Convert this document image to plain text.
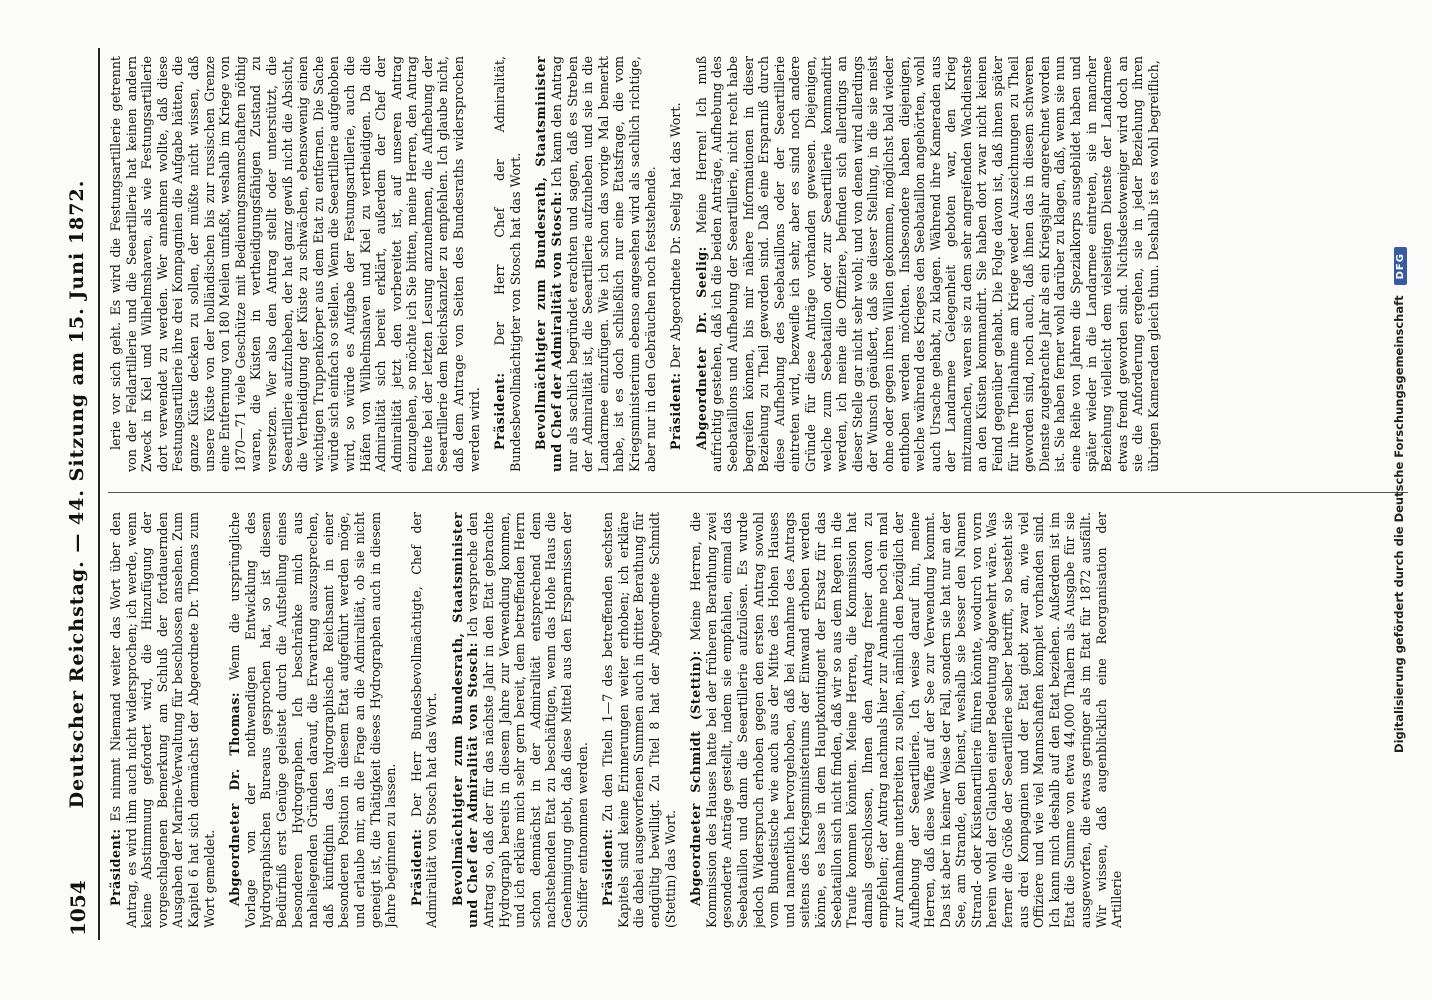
1054
Deutscher Reichstag. — 44. Sitzung am 15. Juni 1872.

Präsident: Es nimmt Niemand weiter das Wort über den Antrag, es wird ihm auch nicht widersprochen; ich werde, wenn keine Abstimmung gefordert wird, die Hinzufügung der vorgeschlagenen Bemerkung am Schluß der fortdauernden Ausgaben der Marine-Verwaltung für beschlossen ansehen. Zum Kapitel 6 hat sich demnächst der Abgeordnete Dr. Thomas zum Wort gemeldet. Abgeordneter Dr. Thomas: Wenn die ursprüngliche Vorlage von der nothwendigen Entwicklung des hydrographischen Bureaus gesprochen hat, so ist diesem Bedürfniß erst Genüge geleistet durch die Aufstellung eines besonderen Hydrographen. Ich beschränke mich aus naheliegenden Gründen darauf, die Erwartung auszusprechen, daß künftighin das hydrographische Reichsamt in einer besonderen Position in diesem Etat aufgeführt werden möge, und erlaube mir, an die Frage an die Admiralität, ob sie nicht geneigt ist, die Thätigkeit dieses Hydrographen auch in diesem Jahre beginnen zu lassen. Präsident: Der Herr Bundesbevollmächtigte, Chef der Admiralität von Stosch hat das Wort. Bevollmächtigter zum Bundesrath, Staatsminister und Chef der Admiralität von Stosch: Ich verspreche den Antrag so, daß der für das nächste Jahr in den Etat gebrachte Hydrograph bereits in diesem Jahre zur Verwendung kommen, und ich erkläre mich sehr gern bereit, dem betreffenden Herrn schon demnächst in der Admiralität entsprechend dem nachstehenden Etat zu beschäftigen, wenn das Hohe Haus die Genehmigung giebt, daß diese Mittel aus den Ersparnissen der Schiffer entnommen werden. Präsident: Zu den Titeln 1—7 des betreffenden sechsten Kapitels sind keine Erinnerungen weiter erhoben; ich erkläre die dabei ausgeworfenen Summen auch in dritter Berathung für endgültig bewilligt. Zu Titel 8 hat der Abgeordnete Schmidt (Stettin) das Wort. Abgeordneter Schmidt (Stettin): Meine Herren, die Kommission des Hauses hatte bei der früheren Berathung zwei gesonderte Anträge gestellt, indem sie empfahlen, einmal das Seebataillon und dann die Seeartillerie aufzulösen. Es wurde jedoch Widerspruch erhoben gegen den ersten Antrag sowohl vom Bundestische wie auch aus der Mitte des Hohen Hauses und namentlich hervorgehoben, daß bei Annahme des Antrags seitens des Kriegsministeriums der Einwand erhoben werden könne, es lasse in dem Hauptkontingent der Ersatz für das Seebataillon sich nicht finden, daß wir so aus dem Regen in die Traufe kommen könnten. Meine Herren, die Kommission hat damals geschlossen, Ihnen den Antrag freier davon zu empfehlen; der Antrag nachmals hier zur Annahme noch ein mal zur Annahme unterbreiten zu sollen, nämlich den bezüglich der Aufhebung der Seeartillerie. Ich weise darauf hin, meine Herren, daß diese Waffe auf der See zur Verwendung kommt. Das ist aber in keiner Weise der Fall, sondern sie hat nur an der See, am Strande, den Dienst, weshalb sie besser den Namen Strand- oder Küstenartillerie führen könnte, wodurch von vorn herein wohl der Glauben einer Bedeutung abgewehrt wäre. Was ferner die Größe der Seeartillerie selber betrifft, so besteht sie aus drei Kompagnien und der Etat giebt zwar an, wie viel Offiziere und wie viel Mannschaften komplet vorhanden sind. Ich kann mich deshalb auf den Etat beziehen. Außerdem ist im Etat die Summe von etwa 44,000 Thalern als Ausgabe für sie ausgeworfen, die etwas geringer als im Etat für 1872 ausfällt. Wir wissen, daß augenblicklich eine Reorganisation der Artillerie

lerie vor sich geht. Es wird die Festungsartillerie getrennt von der Feldartillerie und die Seeartillerie hat keinen andern Zweck in Kiel und Wilhelmshaven, als wie Festungsartillerie dort verwendet zu werden. Wer annehmen wollte, daß diese Festungsartillerie ihre drei Kompagnien die Aufgabe hätten, die ganze Küste decken zu sollen, der müßte nicht wissen, daß unsere Küste von der holländischen bis zur russischen Grenze eine Entfernung von 180 Meilen umfaßt, weshalb im Kriege von 1870—71 viele Geschütze mit Bedienungsmannschaften nöthig waren, die Küsten in vertheidigungsfähigen Zustand zu versetzen. Wer also den Antrag stellt oder unterstützt, die Seeartillerie aufzuheben, der hat ganz gewiß nicht die Absicht, die Vertheidigung der Küste zu schwächen, ebensowenig einen wichtigen Truppenkörper aus dem Etat zu entfernen. Die Sache würde sich einfach so stellen. Wenn die Seeartillerie aufgehoben wird, so würde es Aufgabe der Festungsartillerie, auch die Häfen von Wilhelmshaven und Kiel zu vertheidigen. Da die Admiralität sich bereit erklärt, außerdem der Chef der Admiralität jetzt den vorbereitet ist, auf unseren Antrag einzugehen, so möchte ich Sie bitten, meine Herren, den Antrag heute bei der letzten Lesung anzunehmen, die Aufhebung der Seeartillerie dem Reichskanzler zu empfehlen. Ich glaube nicht, daß dem Antrage von Seiten des Bundesraths widersprochen werden wird. Präsident: Der Herr Chef der Admiralität, Bundesbevollmächtigter von Stosch hat das Wort. Bevollmächtigter zum Bundesrath, Staatsminister und Chef der Admiralität von Stosch: Ich kann den Antrag nur als sachlich begründet erachten und sagen, daß es Streben der Admiralität ist, die Seeartillerie aufzuheben und sie in die Landarmee einzufügen. Wie ich schon das vorige Mal bemerkt habe, ist es doch schließlich nur eine Etatsfrage, die vom Kriegsministerium ebenso angesehen wird als sachlich richtige, aber nur in den Gebräuchen noch feststehende. Präsident: Der Abgeordnete Dr. Seelig hat das Wort. Abgeordneter Dr. Seelig: Meine Herren! Ich muß aufrichtig gestehen, daß ich die beiden Anträge, Aufhebung des Seebataillons und Aufhebung der Seeartillerie, nicht recht habe begreifen können, bis mir nähere Informationen in dieser Beziehung zu Theil geworden sind. Daß eine Ersparniß durch diese Aufhebung des Seebataillons oder der Seeartillerie eintreten wird, bezweifle ich sehr, aber es sind noch andere Gründe für diese Anträge vorhanden gewesen. Diejenigen, welche zum Seebataillon oder zur Seeartillerie kommandirt werden, ich meine die Offiziere, befinden sich allerdings an dieser Stelle gar nicht sehr wohl; und von denen wird allerdings der Wunsch geäußert, daß sie dieser Stellung, in die sie meist ohne oder gegen ihren Willen gekommen, möglichst bald wieder enthoben werden möchten. Insbesondere haben diejenigen, welche während des Krieges den Seebataillon angehörten, wohl auch Ursache gehabt, zu klagen. Während ihre Kameraden aus der Landarmee Gelegenheit geboten war, den Krieg mitzumachen, waren sie zu dem sehr angreifenden Wachdienste an den Küsten kommandirt. Sie haben dort zwar nicht keinen Feind gegenüber gehabt. Die Folge davon ist, daß ihnen später für ihre Theilnahme am Kriege weder Auszeichnungen zu Theil geworden sind, noch auch, daß ihnen das in diesem schweren Dienste zugebrachte Jahr als ein Kriegsjahr angerechnet worden ist. Sie haben ferner wohl darüber zu klagen, daß, wenn sie nun eine Reihe von Jahren die Spezialkorps ausgebildet haben und später wieder in die Landarmee eintreten, sie in mancher Beziehung vielleicht dem vielseitigen Dienste der Landarmee etwas fremd geworden sind. Nichtsdestoweniger wird doch an sie die Anforderung ergehen, sie in jeder Beziehung ihren übrigen Kameraden gleich thun. Deshalb ist es wohl begreiflich,

Digitalisierung gefördert durch die Deutsche Forschungsgemeinschaft DFG
